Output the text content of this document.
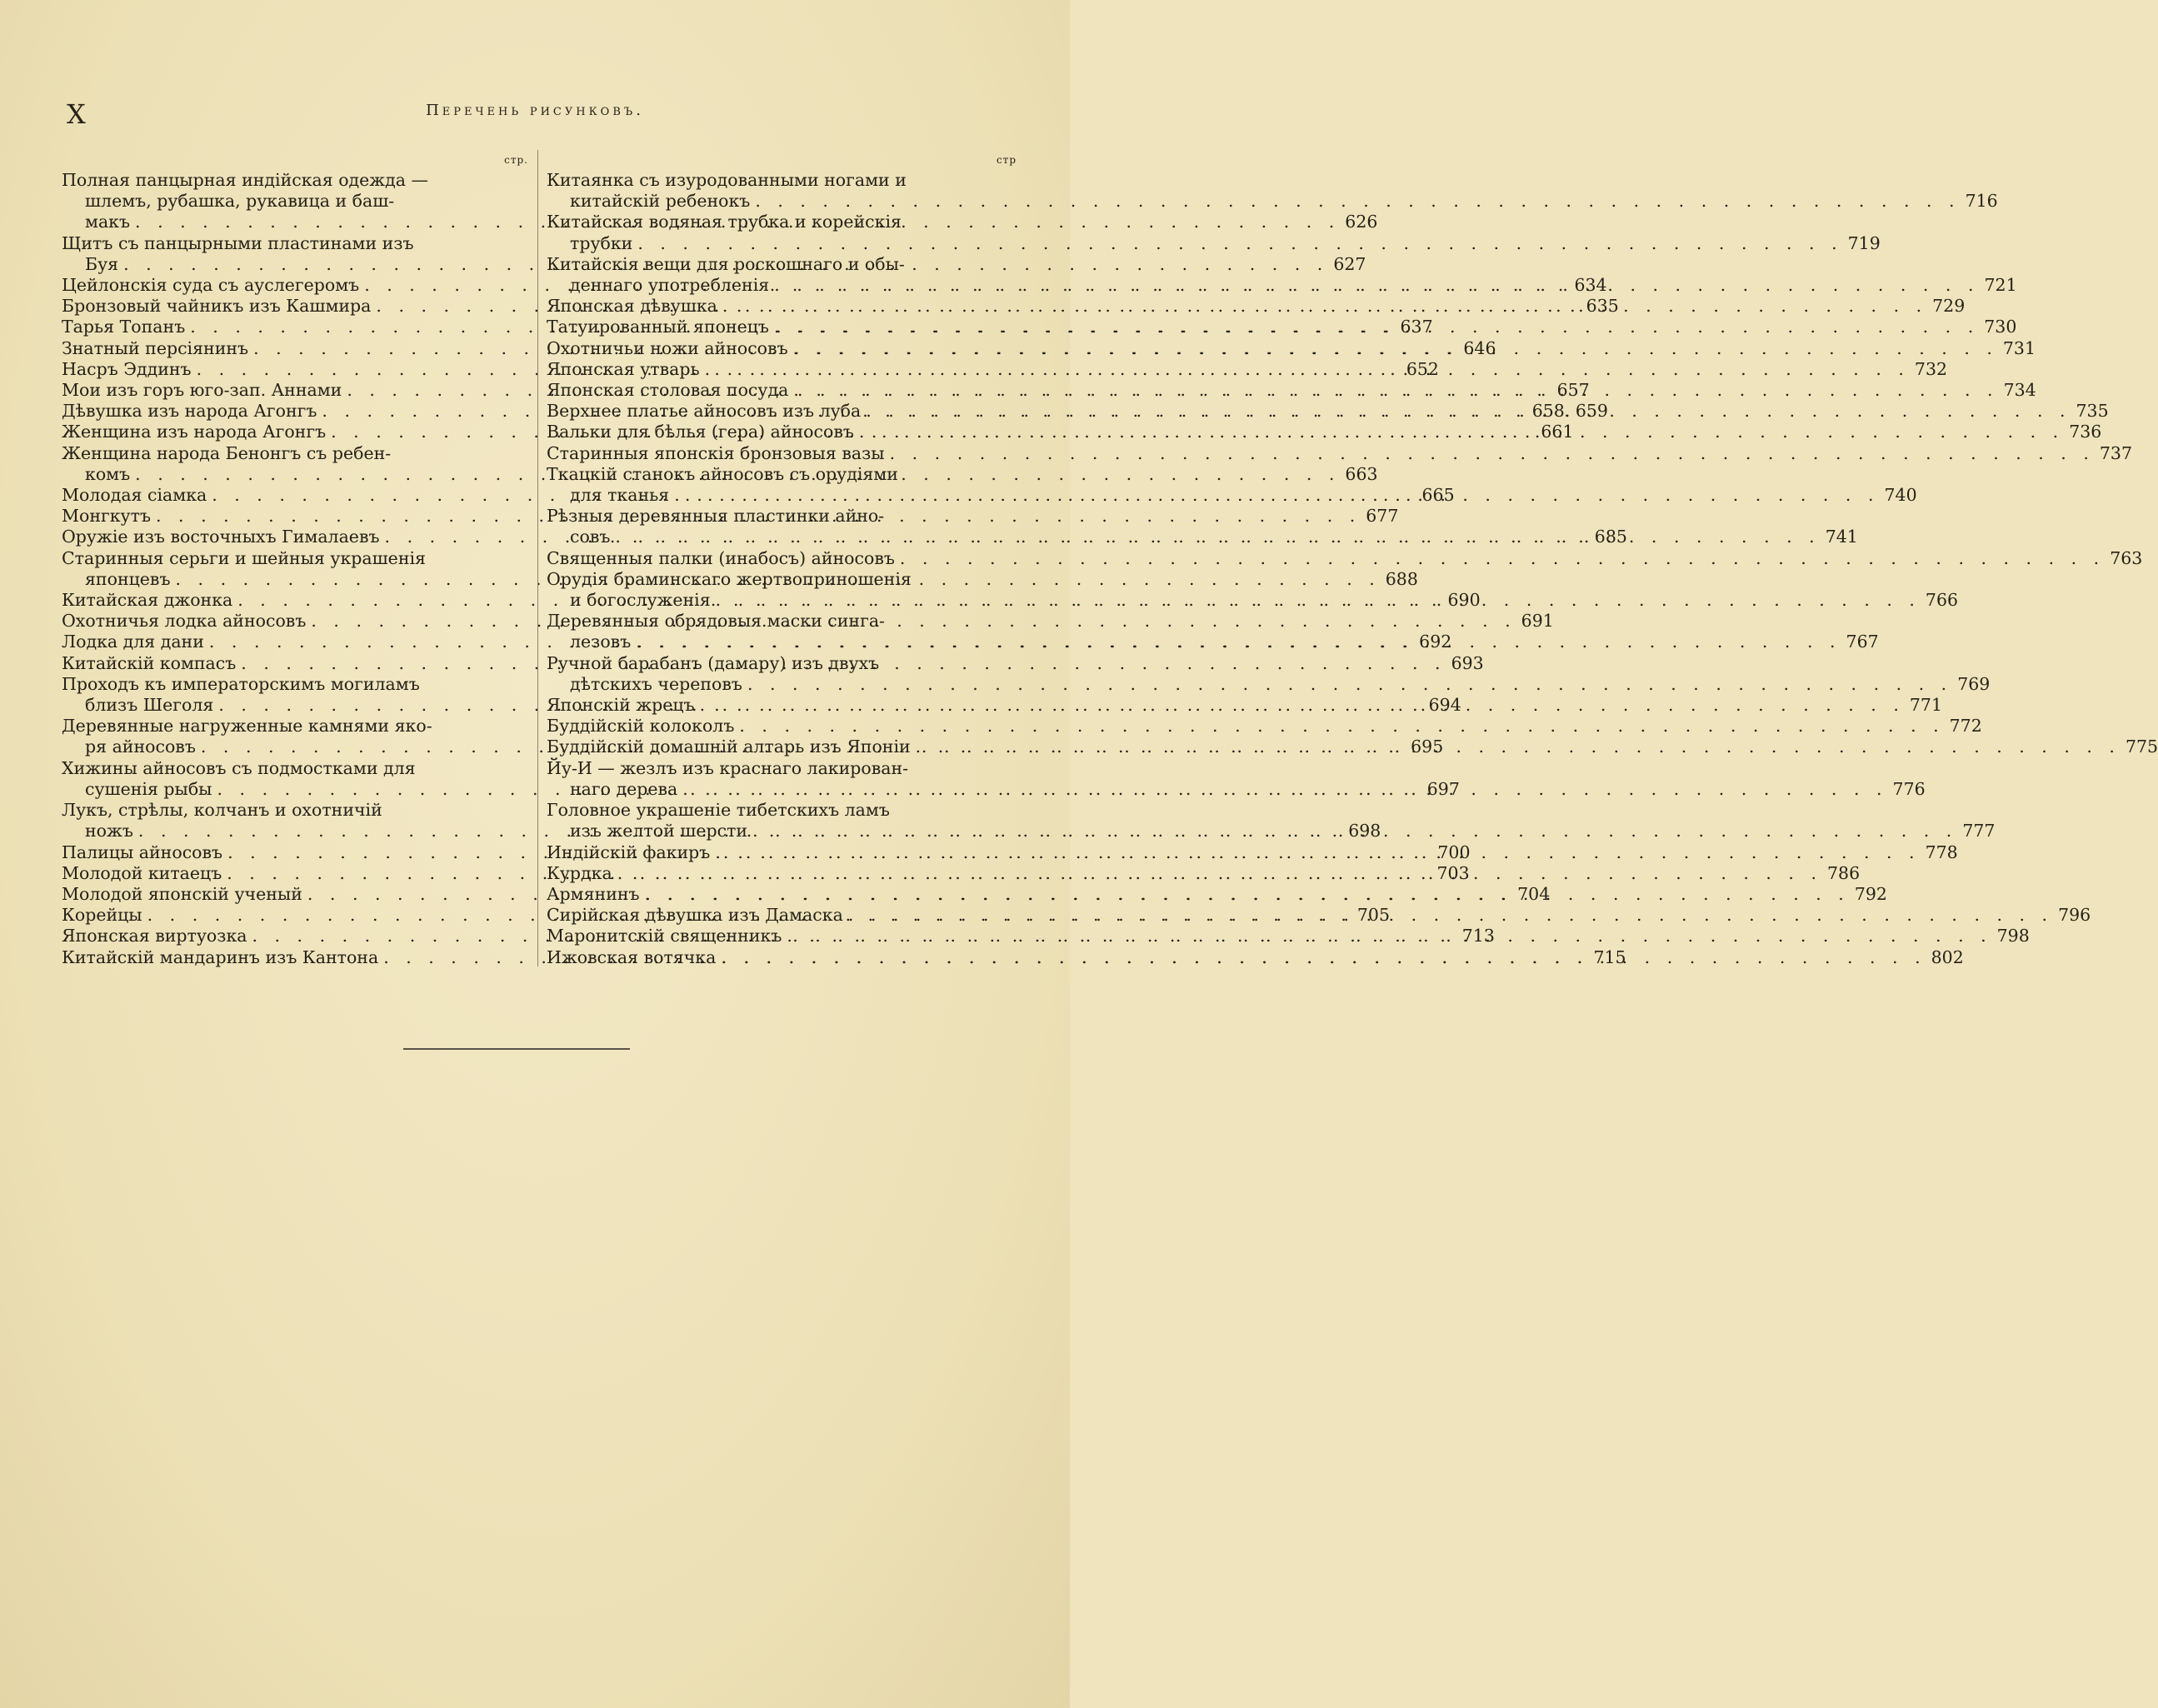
X	Перечень рисунковъ.
стр.
Полная панцырная индійская одежда —
шлемъ, рубашка, рукавица и баш-
макъ . . .	626
Щитъ съ панцырными пластинами изъ
Буя . . .	627
Цейлонскія суда съ ауслегеромъ . . .	634
Бронзовый чайникъ изъ Кашмира . . .	635
Тарья Топанъ . . .	637
Знатный персіянинъ . . .	646
Насръ Эддинъ . . .	652
Мои изъ горъ юго-зап. Аннами . . .	657
Дѣвушка изъ народа Агонгъ . . .	658. 659
Женщина изъ народа Агонгъ . . .	661
Женщина народа Бенонгъ съ ребен-
комъ . . .	663
Молодая сіамка . . .	665
Монгкутъ . . .	677
Оружіе изъ восточныхъ Гималаевъ . . .	685
Старинныя серьги и шейныя украшенія
японцевъ . . .	688
Китайская джонка . . .	690
Охотничья лодка айносовъ . . .	691
Лодка для дани . . .	692
Китайскій компасъ . . .	693
Проходъ къ императорскимъ могиламъ
близъ Шеголя . . .	694
Деревянные нагруженные камнями яко-
ря айносовъ . . .	695
Хижины айносовъ съ подмостками для
сушенія рыбы . . .	697
Лукъ, стрѣлы, колчанъ и охотничій
ножъ . . .	698
Палицы айносовъ . . .	700
Молодой китаецъ . . .	703
Молодой японскій ученый . . .	704
Корейцы . . .	705
Японская виртуозка . . .	713
Китайскій мандаринъ изъ Кантона . . .	715
стр
Китаянка съ изуродованными ногами и
китайскій ребенокъ . . .	716
Китайская водяная трубка и корейскія
трубки . . .	719
Китайскія вещи для роскошнаго и обы-
деннаго употребленія . . .	721
Японская дѣвушка . . .	729
Татуированный японецъ . . .	730
Охотничьи ножи айносовъ . . .	731
Японская утварь . . .	732
Японская столовая посуда . . .	734
Верхнее платье айносовъ изъ луба . . .	735
Вальки для бѣлья (гера) айносовъ . . .	736
Старинныя японскія бронзовыя вазы . . .	737
Ткацкій станокъ айносовъ съ орудіями
для тканья . . .	740
Рѣзныя деревянныя пластинки айно-
совъ . . .	741
Священныя палки (инабосъ) айносовъ . . .	763
Орудія браминскаго жертвоприношенія
и богослуженія . . .	766
Деревянныя обрядовыя маски синга-
лезовъ . . .	767
Ручной барабанъ (дамару) изъ двухъ
дѣтскихъ череповъ . . .	769
Японскій жрецъ . . .	771
Буддійскій колоколъ . . .	772
Буддійскій домашній алтарь изъ Японіи . . .	775
Йу-И — жезлъ изъ краснаго лакирован-
наго дерева . . .	776
Головное украшеніе тибетскихъ ламъ
изъ желтой шерсти . . .	777
Индійскій факиръ . . .	778
Курдка . . .	786
Армянинъ . . .	792
Сирійская дѣвушка изъ Дамаска . . .	796
Маронитскій священникъ . . .	798
Ижовская вотячка . . .	802
